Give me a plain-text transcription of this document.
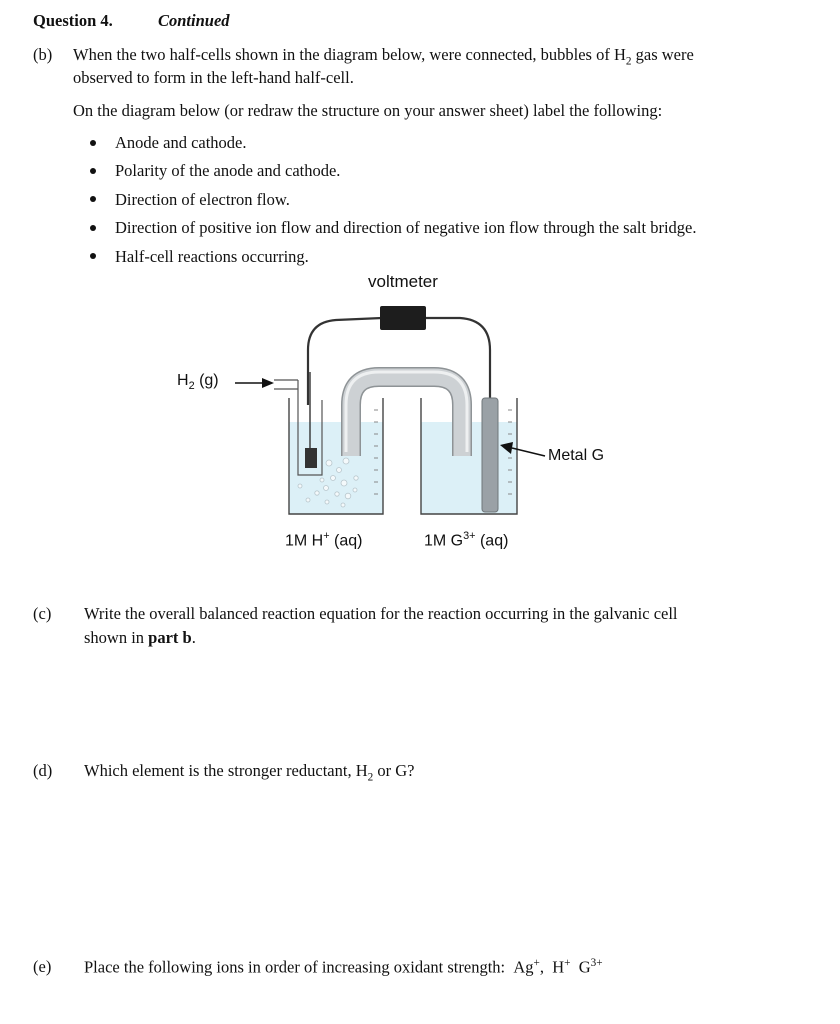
Question 4.	Continued
(b) When the two half-cells shown in the diagram below, were connected, bubbles of $H_2$ gas were
observed to form in the left-hand half-cell.
On the diagram below (or redraw the structure on your answer sheet) label the following:
Anode and cathode.
Polarity of the anode and cathode.
Direction of electron flow.
Direction of positive ion flow and direction of negative ion flow through the salt bridge.
Half-cell reactions occurring.
voltmeter
$H_2$ (g)
Metal G
1M H+ (aq)	1M $G^{3+}$ (aq)
(c) Write the overall balanced reaction equation for the reaction occurring in the galvanic cell
shown in part b.
(d) Which element is the stronger reductant, $H_2$ or G?
(e) Place the following ions in order of increasing oxidant strength: Ag+,  H+ $G^{3+}$
